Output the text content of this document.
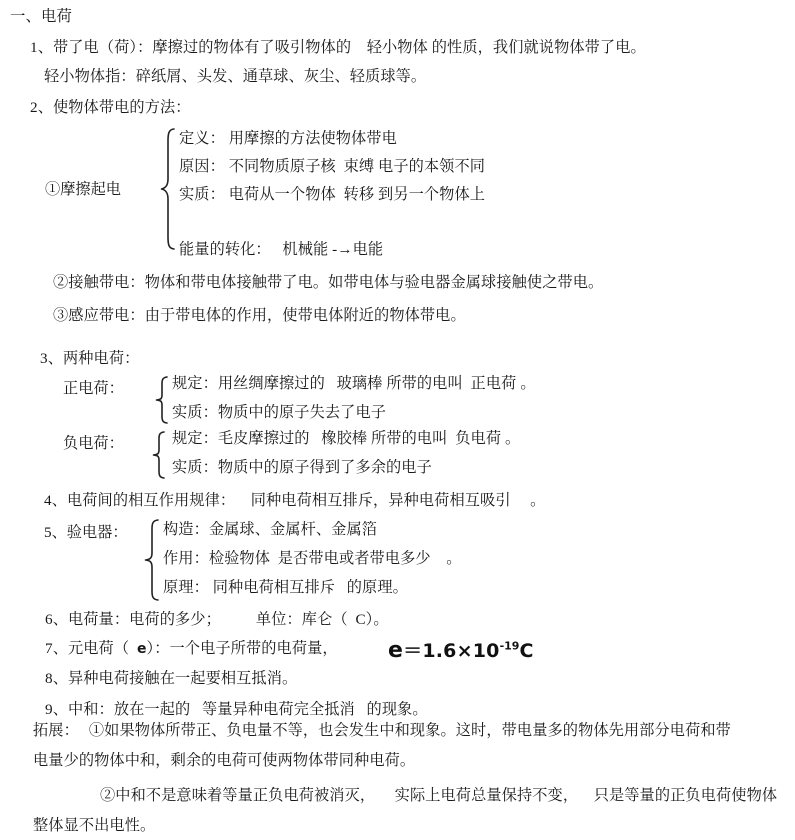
一、电荷
1、带了电（荷）：摩擦过的物体有了吸引物体的    轻小物体 的性质，我们就说物体带了电。
轻小物体指：碎纸屑、头发、通草球、灰尘、轻质球等。
2、使物体带电的方法：
①摩擦起电
定义： 用摩擦的方法使物体带电
原因： 不同物质原子核  束缚 电子的本领不同
实质： 电荷从一个物体  转移 到另一个物体上
能量的转化：   机械能 -→电能
②接触带电：物体和带电体接触带了电。如带电体与验电器金属球接触使之带电。
③感应带电：由于带电体的作用，使带电体附近的物体带电。
3、两种电荷：
正电荷：	规定：用丝绸摩擦过的   玻璃棒 所带的电叫  正电荷 。
实质：物质中的原子失去了电子
负电荷：	规定：毛皮摩擦过的   橡胶棒 所带的电叫  负电荷 。
实质：物质中的原子得到了多余的电子
4、电荷间的相互作用规律：    同种电荷相互排斥，异种电荷相互吸引     。
5、验电器： 构造：金属球、金属杆、金属箔
作用：检验物体  是否带电或者带电多少    。
原理： 同种电荷相互排斥   的原理。
6、电荷量：电荷的多少；         单位：库仑（  C）。
7、元电荷（  e）：一个电子所带的电荷量， $e=1.6\times 10^{-19}C$
8、异种电荷接触在一起要相互抵消。
9、中和：放在一起的   等量异种电荷完全抵消   的现象。
拓展： ①如果物体所带正、负电量不等，也会发生中和现象。这时，带电量多的物体先用部分电荷和带
电量少的物体中和，剩余的电荷可使两物体带同种电荷。
②中和不是意味着等量正负电荷被消灭，     实际上电荷总量保持不变，    只是等量的正负电荷使物体
整体显不出电性。
